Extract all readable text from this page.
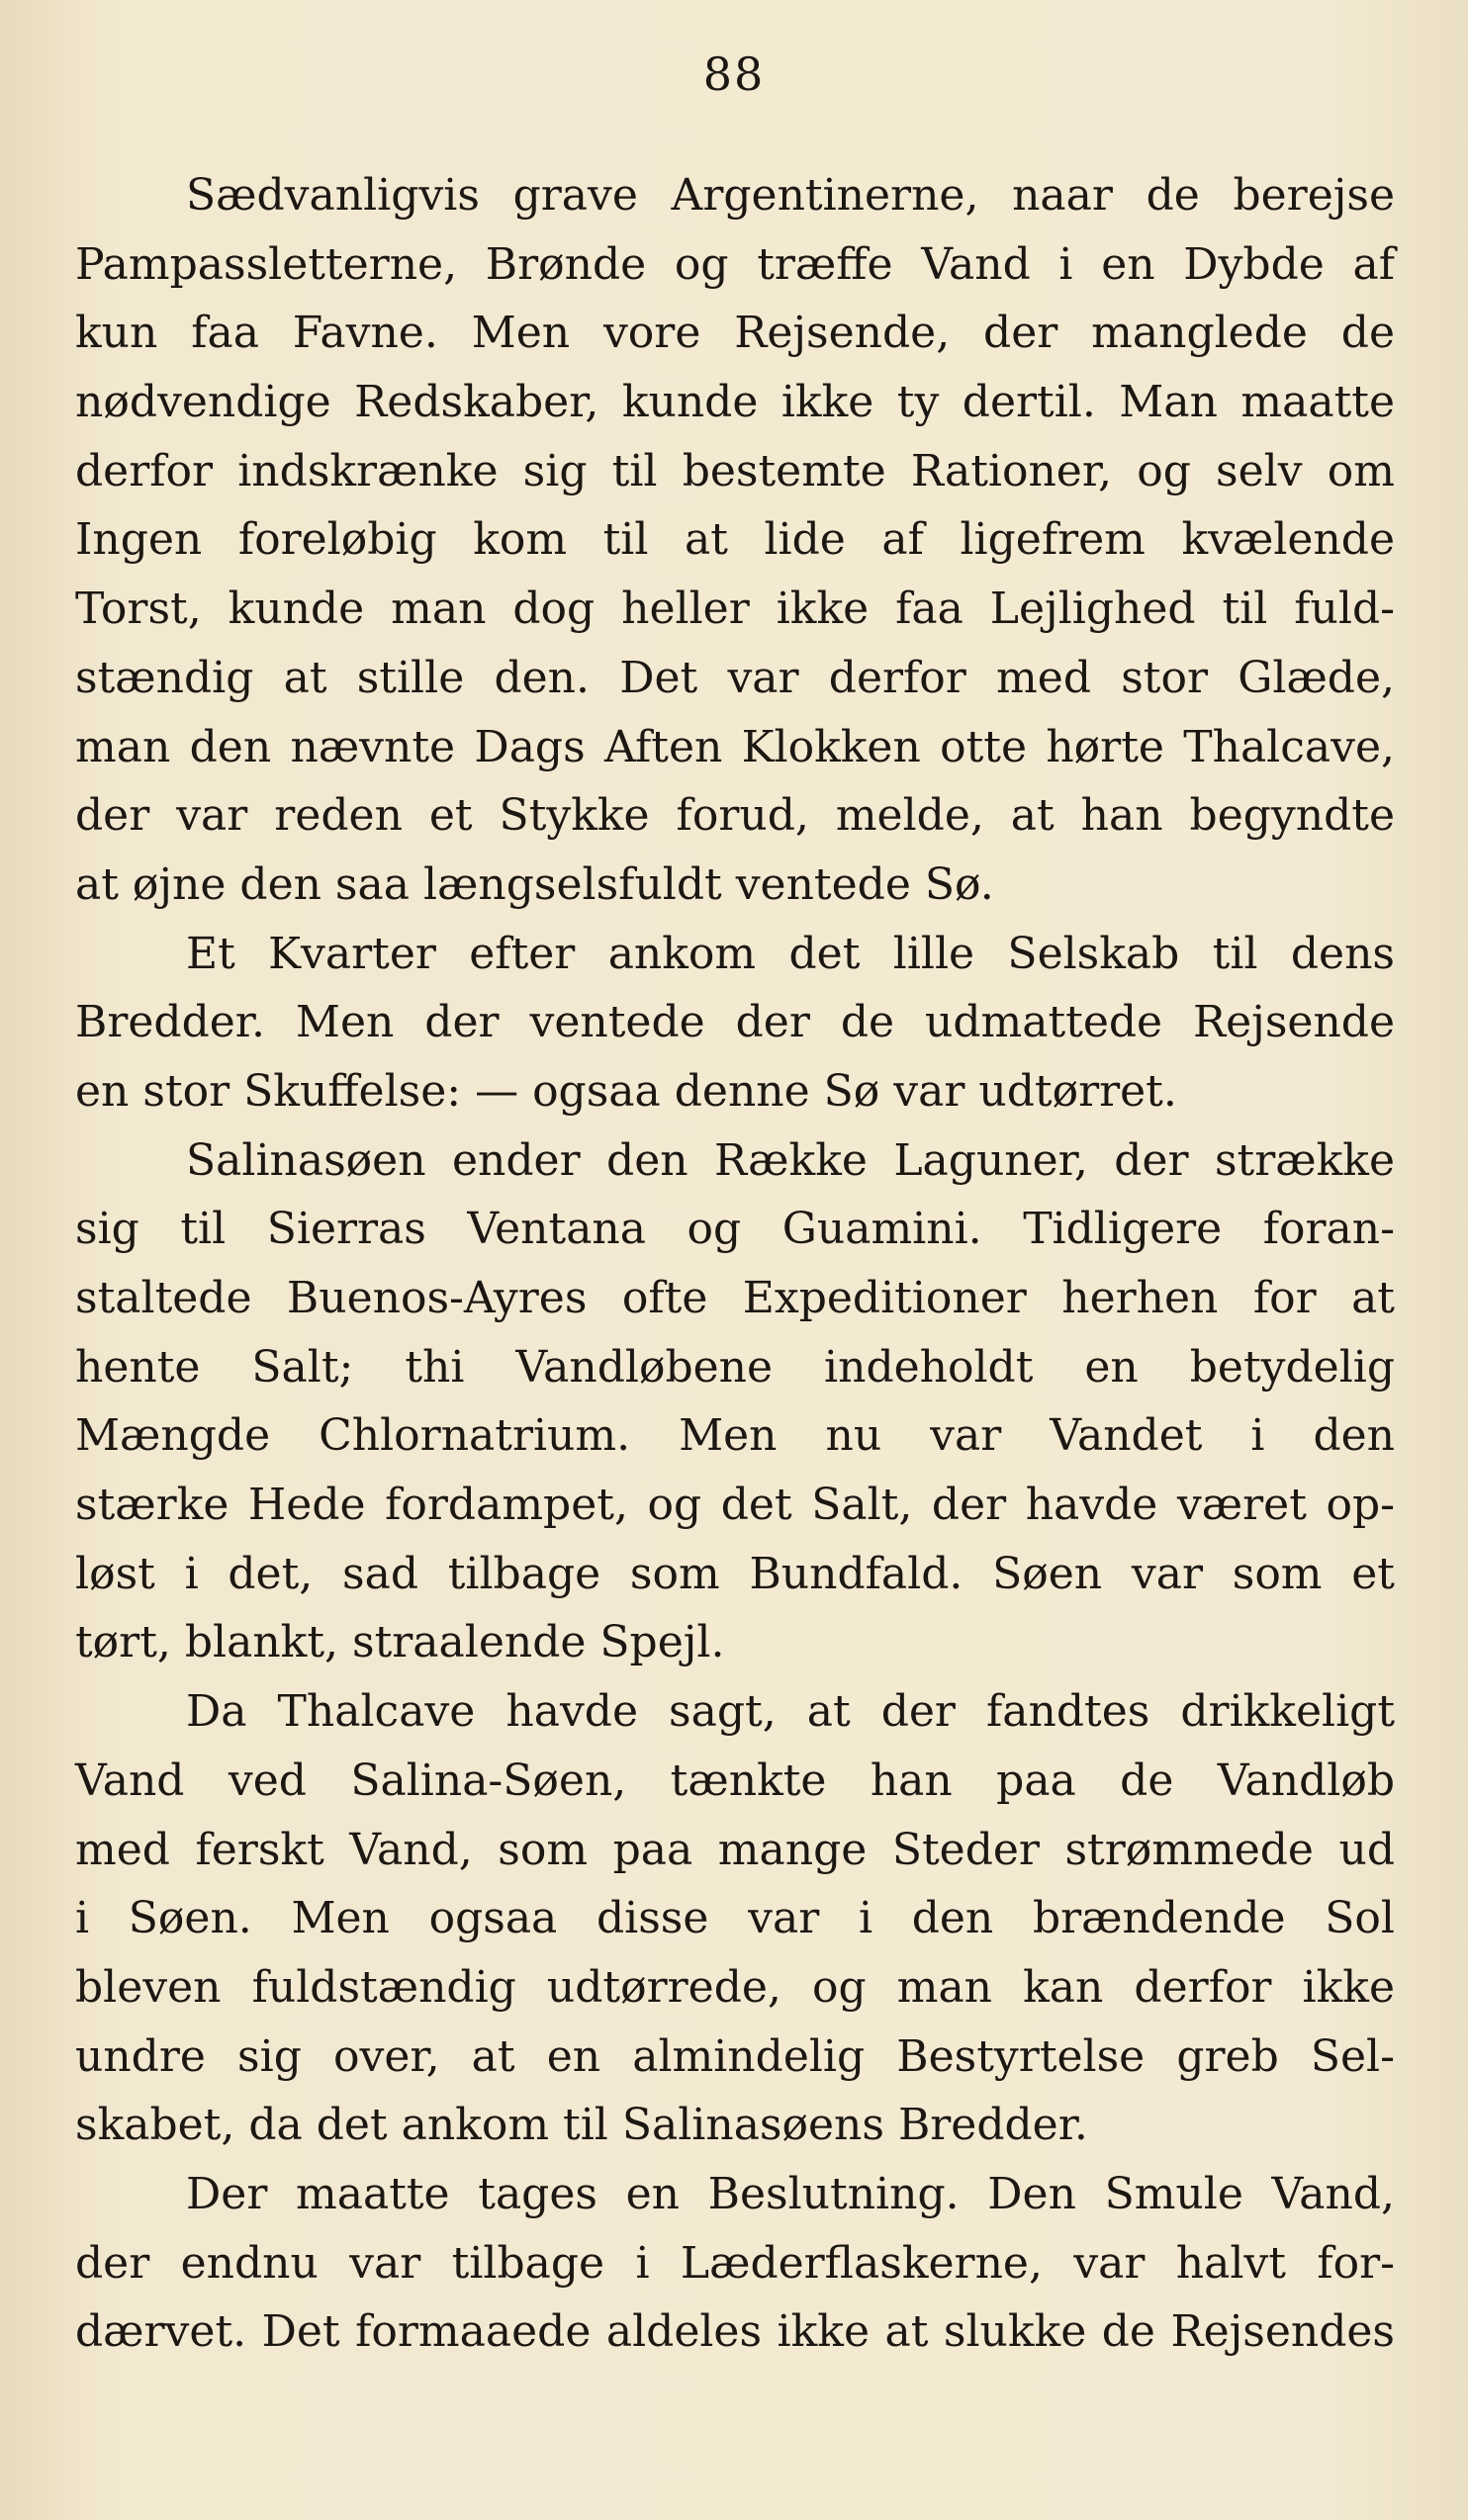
88
Sædvanligvis grave Argentinerne, naar de berejse
Pampassletterne, Brønde og træffe Vand i en Dybde af
kun faa Favne. Men vore Rejsende, der manglede de
nødvendige Redskaber, kunde ikke ty dertil. Man maatte
derfor indskrænke sig til bestemte Rationer, og selv om
Ingen foreløbig kom til at lide af ligefrem kvælende
Torst, kunde man dog heller ikke faa Lejlighed til fuld-
stændig at stille den. Det var derfor med stor Glæde,
man den nævnte Dags Aften Klokken otte hørte Thalcave,
der var reden et Stykke forud, melde, at han begyndte
at øjne den saa længselsfuldt ventede Sø.
Et Kvarter efter ankom det lille Selskab til dens
Bredder. Men der ventede der de udmattede Rejsende
en stor Skuffelse: — ogsaa denne Sø var udtørret.
Salinasøen ender den Række Laguner, der strække
sig til Sierras Ventana og Guamini. Tidligere foran-
staltede Buenos-Ayres ofte Expeditioner herhen for at
hente Salt; thi Vandløbene indeholdt en betydelig
Mængde Chlornatrium. Men nu var Vandet i den
stærke Hede fordampet, og det Salt, der havde været op-
løst i det, sad tilbage som Bundfald. Søen var som et
tørt, blankt, straalende Spejl.
Da Thalcave havde sagt, at der fandtes drikkeligt
Vand ved Salina-Søen, tænkte han paa de Vandløb
med ferskt Vand, som paa mange Steder strømmede ud
i Søen. Men ogsaa disse var i den brændende Sol
bleven fuldstændig udtørrede, og man kan derfor ikke
undre sig over, at en almindelig Bestyrtelse greb Sel-
skabet, da det ankom til Salinasøens Bredder.
Der maatte tages en Beslutning. Den Smule Vand,
der endnu var tilbage i Læderflaskerne, var halvt for-
dærvet. Det formaaede aldeles ikke at slukke de Rejsendes
